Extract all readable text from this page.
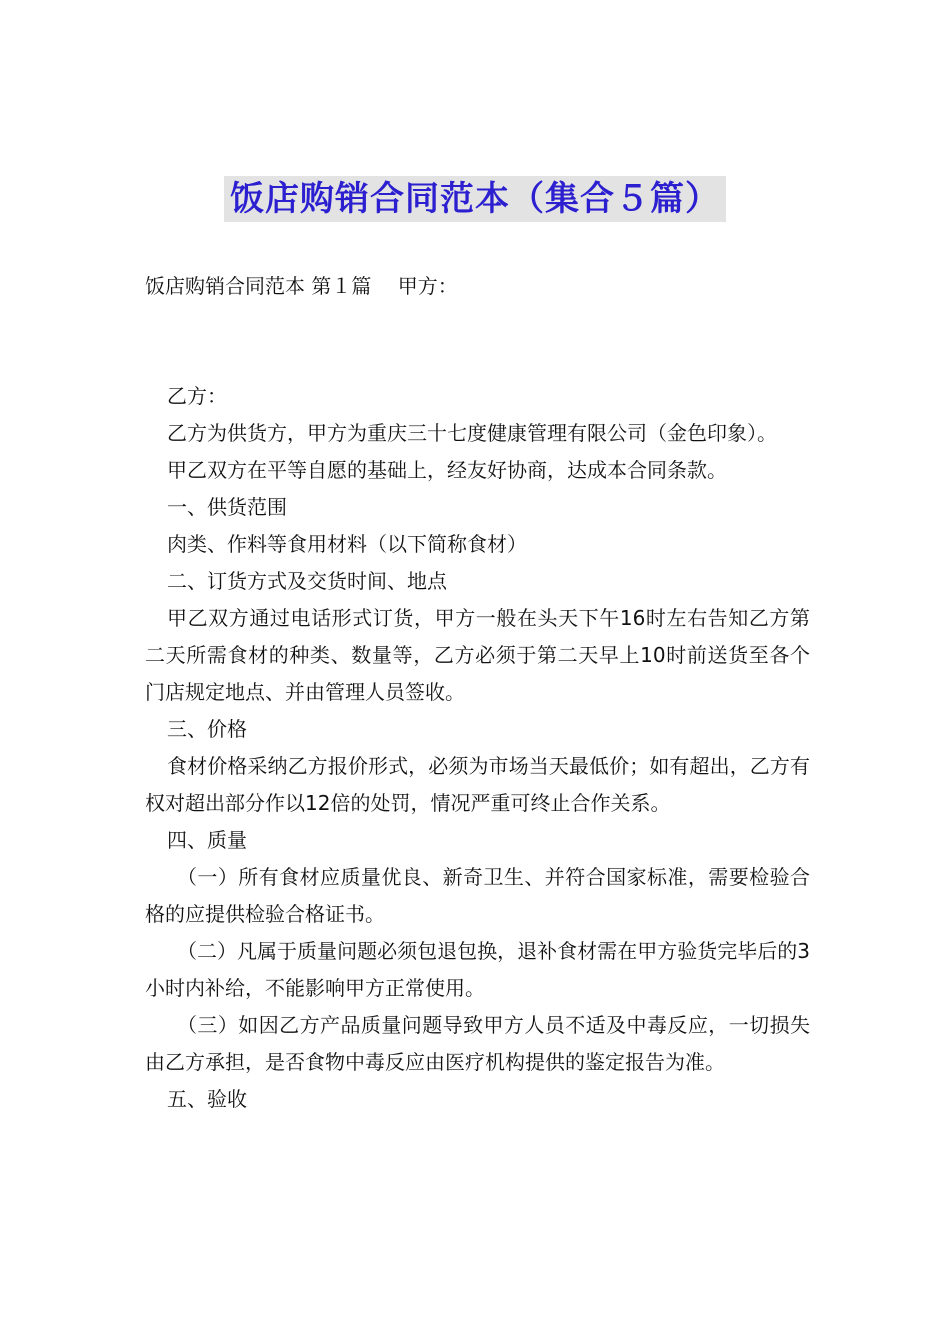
饭店购销合同范本（集合５篇）
饭店购销合同范本 第１篇　 甲方：

乙方：

乙方为供货方，甲方为重庆三十七度健康管理有限公司（金色印象）。

甲乙双方在平等自愿的基础上，经友好协商，达成本合同条款。

一、供货范围

肉类、作料等食用材料（以下简称食材）

二、订货方式及交货时间、地点

甲乙双方通过电话形式订货，甲方一般在头天下午16时左右告知乙方第二天所需食材的种类、数量等，乙方必须于第二天早上10时前送货至各个门店规定地点、并由管理人员签收。

三、价格

食材价格采纳乙方报价形式，必须为市场当天最低价；如有超出，乙方有权对超出部分作以12倍的处罚，情况严重可终止合作关系。

四、质量

（一）所有食材应质量优良、新奇卫生、并符合国家标准，需要检验合格的应提供检验合格证书。

（二）凡属于质量问题必须包退包换，退补食材需在甲方验货完毕后的3小时内补给，不能影响甲方正常使用。

（三）如因乙方产品质量问题导致甲方人员不适及中毒反应，一切损失由乙方承担，是否食物中毒反应由医疗机构提供的鉴定报告为准。

五、验收
